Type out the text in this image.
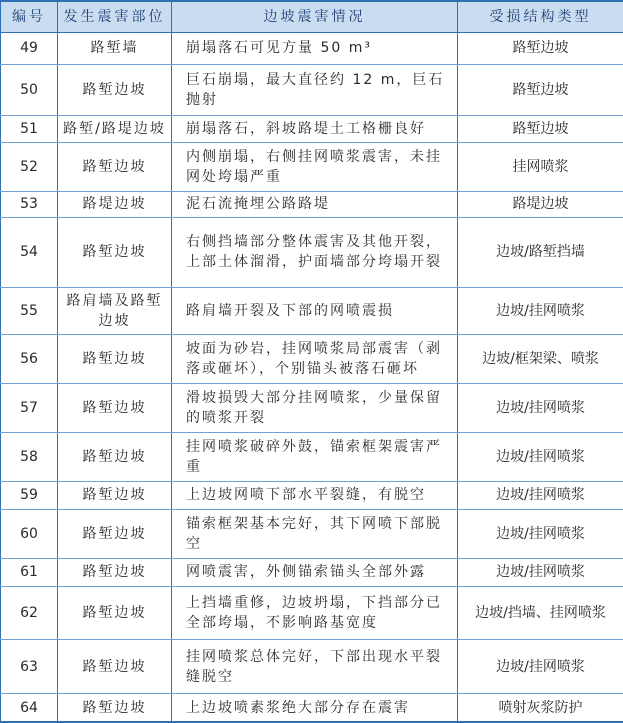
编号	发生震害部位	边坡震害情况	受损结构类型
49	路堑墙	崩塌落石可见方量 50 m³	路堑边坡
50	路堑边坡	巨石崩塌，最大直径约 12 m，巨石抛射	路堑边坡
51	路堑/路堤边坡	崩塌落石，斜坡路堤土工格栅良好	路堑边坡
52	路堑边坡	内侧崩塌，右侧挂网喷浆震害，未挂网处垮塌严重	挂网喷浆
53	路堤边坡	泥石流掩埋公路路堤	路堤边坡
54	路堑边坡	右侧挡墙部分整体震害及其他开裂，上部土体溜滑，护面墙部分垮塌开裂	边坡/路堑挡墙
55	路肩墙及路堑边坡	路肩墙开裂及下部的网喷震损	边坡/挂网喷浆
56	路堑边坡	坡面为砂岩，挂网喷浆局部震害（剥落或砸坏），个别锚头被落石砸坏	边坡/框架梁、喷浆
57	路堑边坡	滑坡损毁大部分挂网喷浆，少量保留的喷浆开裂	边坡/挂网喷浆
58	路堑边坡	挂网喷浆破碎外鼓，锚索框架震害严重	边坡/挂网喷浆
59	路堑边坡	上边坡网喷下部水平裂缝，有脱空	边坡/挂网喷浆
60	路堑边坡	锚索框架基本完好，其下网喷下部脱空	边坡/挂网喷浆
61	路堑边坡	网喷震害，外侧锚索锚头全部外露	边坡/挂网喷浆
62	路堑边坡	上挡墙重修，边坡坍塌，下挡部分已全部垮塌，不影响路基宽度	边坡/挡墙、挂网喷浆
63	路堑边坡	挂网喷浆总体完好，下部出现水平裂缝脱空	边坡/挂网喷浆
64	路堑边坡	上边坡喷素浆绝大部分存在震害	喷射灰浆防护
